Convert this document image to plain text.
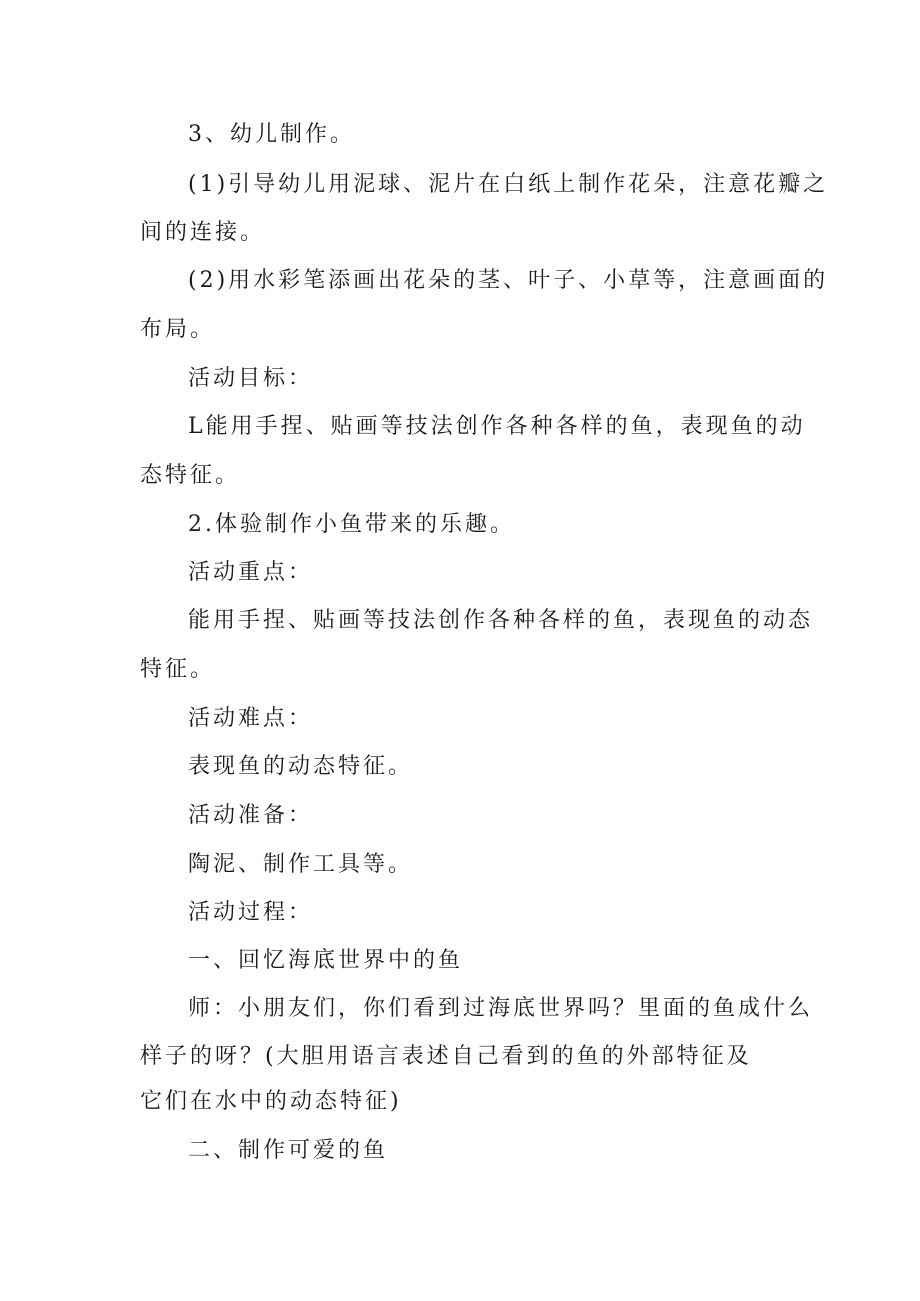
3、幼儿制作。
(1)引导幼儿用泥球、泥片在白纸上制作花朵，注意花瓣之
间的连接。
(2)用水彩笔添画出花朵的茎、叶子、小草等，注意画面的
布局。
活动目标：
L能用手捏、贴画等技法创作各种各样的鱼，表现鱼的动
态特征。
2.体验制作小鱼带来的乐趣。
活动重点：
能用手捏、贴画等技法创作各种各样的鱼，表现鱼的动态
特征。
活动难点：
表现鱼的动态特征。
活动准备：
陶泥、制作工具等。
活动过程：
一、回忆海底世界中的鱼
师：小朋友们，你们看到过海底世界吗？里面的鱼成什么
样子的呀？(大胆用语言表述自己看到的鱼的外部特征及
它们在水中的动态特征)
二、制作可爱的鱼
